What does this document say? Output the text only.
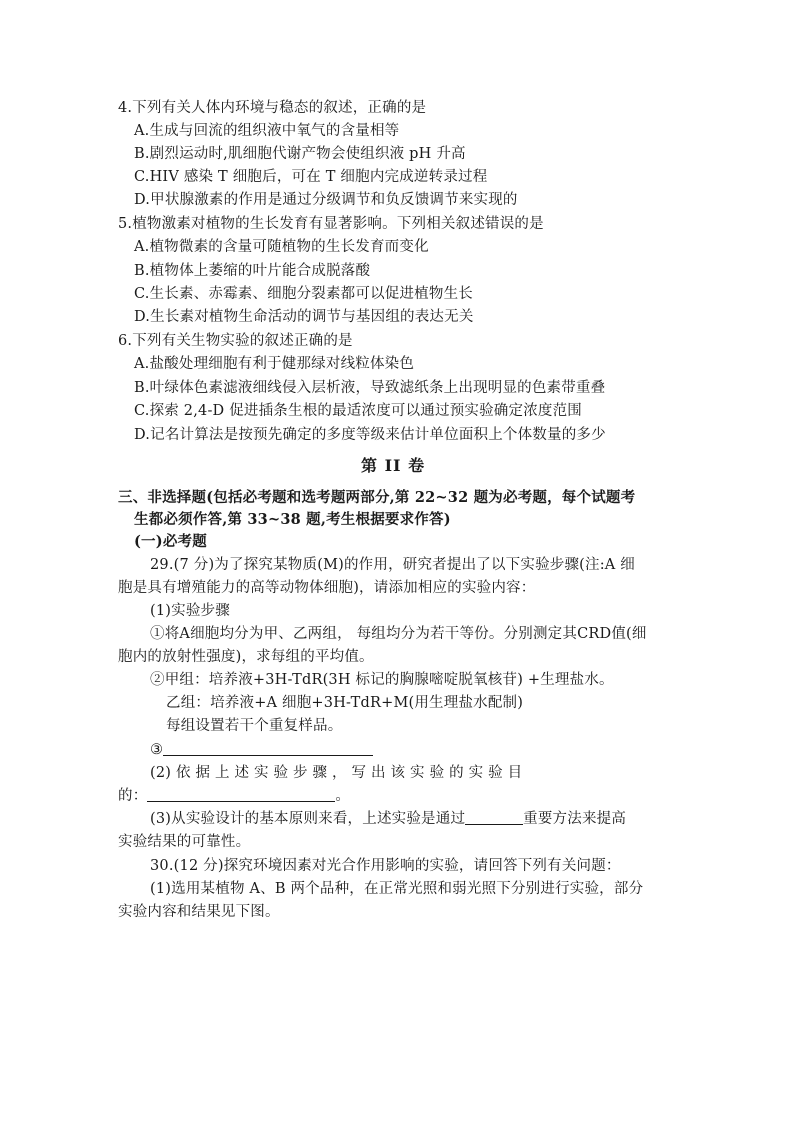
4.下列有关人体内环境与稳态的叙述，正确的是
A.生成与回流的组织液中氧气的含量相等
B.剧烈运动时,肌细胞代谢产物会使组织液 pH 升高
C.HIV 感染 T 细胞后，可在 T 细胞内完成逆转录过程
D.甲状腺激素的作用是通过分级调节和负反馈调节来实现的
5.植物激素对植物的生长发育有显著影响。下列相关叙述错误的是
A.植物微素的含量可随植物的生长发育而变化
B.植物体上萎缩的叶片能合成脱落酸
C.生长素、赤霉素、细胞分裂素都可以促进植物生长
D.生长素对植物生命活动的调节与基因组的表达无关
6.下列有关生物实验的叙述正确的是
A.盐酸处理细胞有利于健那绿对线粒体染色
B.叶绿体色素滤液细线侵入层析液，导致滤纸条上出现明显的色素带重叠
C.探索 2,4-D 促进插条生根的最适浓度可以通过预实验确定浓度范围
D.记名计算法是按预先确定的多度等级来估计单位面积上个体数量的多少
第 II 卷
三、非选择题(包括必考题和选考题两部分,第 22~32 题为必考题，每个试题考
生都必须作答,第 33~38 题,考生根据要求作答)
(一)必考题
29.(7 分)为了探究某物质(M)的作用，研究者提出了以下实验步骤(注:A 细
胞是具有增殖能力的高等动物体细胞)，请添加相应的实验内容：
(1)实验步骤
①将A细胞均分为甲、乙两组， 每组均分为若干等份。分别测定其CRD值(细
胞内的放射性强度)，求每组的平均值。
②甲组：培养液+3H-TdR(3H 标记的胸腺嘧啶脱氧核苷) +生理盐水。
乙组：培养液+A 细胞+3H-TdR+M(用生理盐水配制)
每组设置若干个重复样品。
③
(2) 依 据 上 述 实 验 步 骤 ， 写 出 该 实 验 的 实 验 目
的：	。
(3)从实验设计的基本原则来看，上述实验是通过	重要方法来提高
实验结果的可靠性。
30.(12 分)探究环境因素对光合作用影响的实验，请回答下列有关问题：
(1)选用某植物 A、B 两个品种，在正常光照和弱光照下分别进行实验，部分
实验内容和结果见下图。
